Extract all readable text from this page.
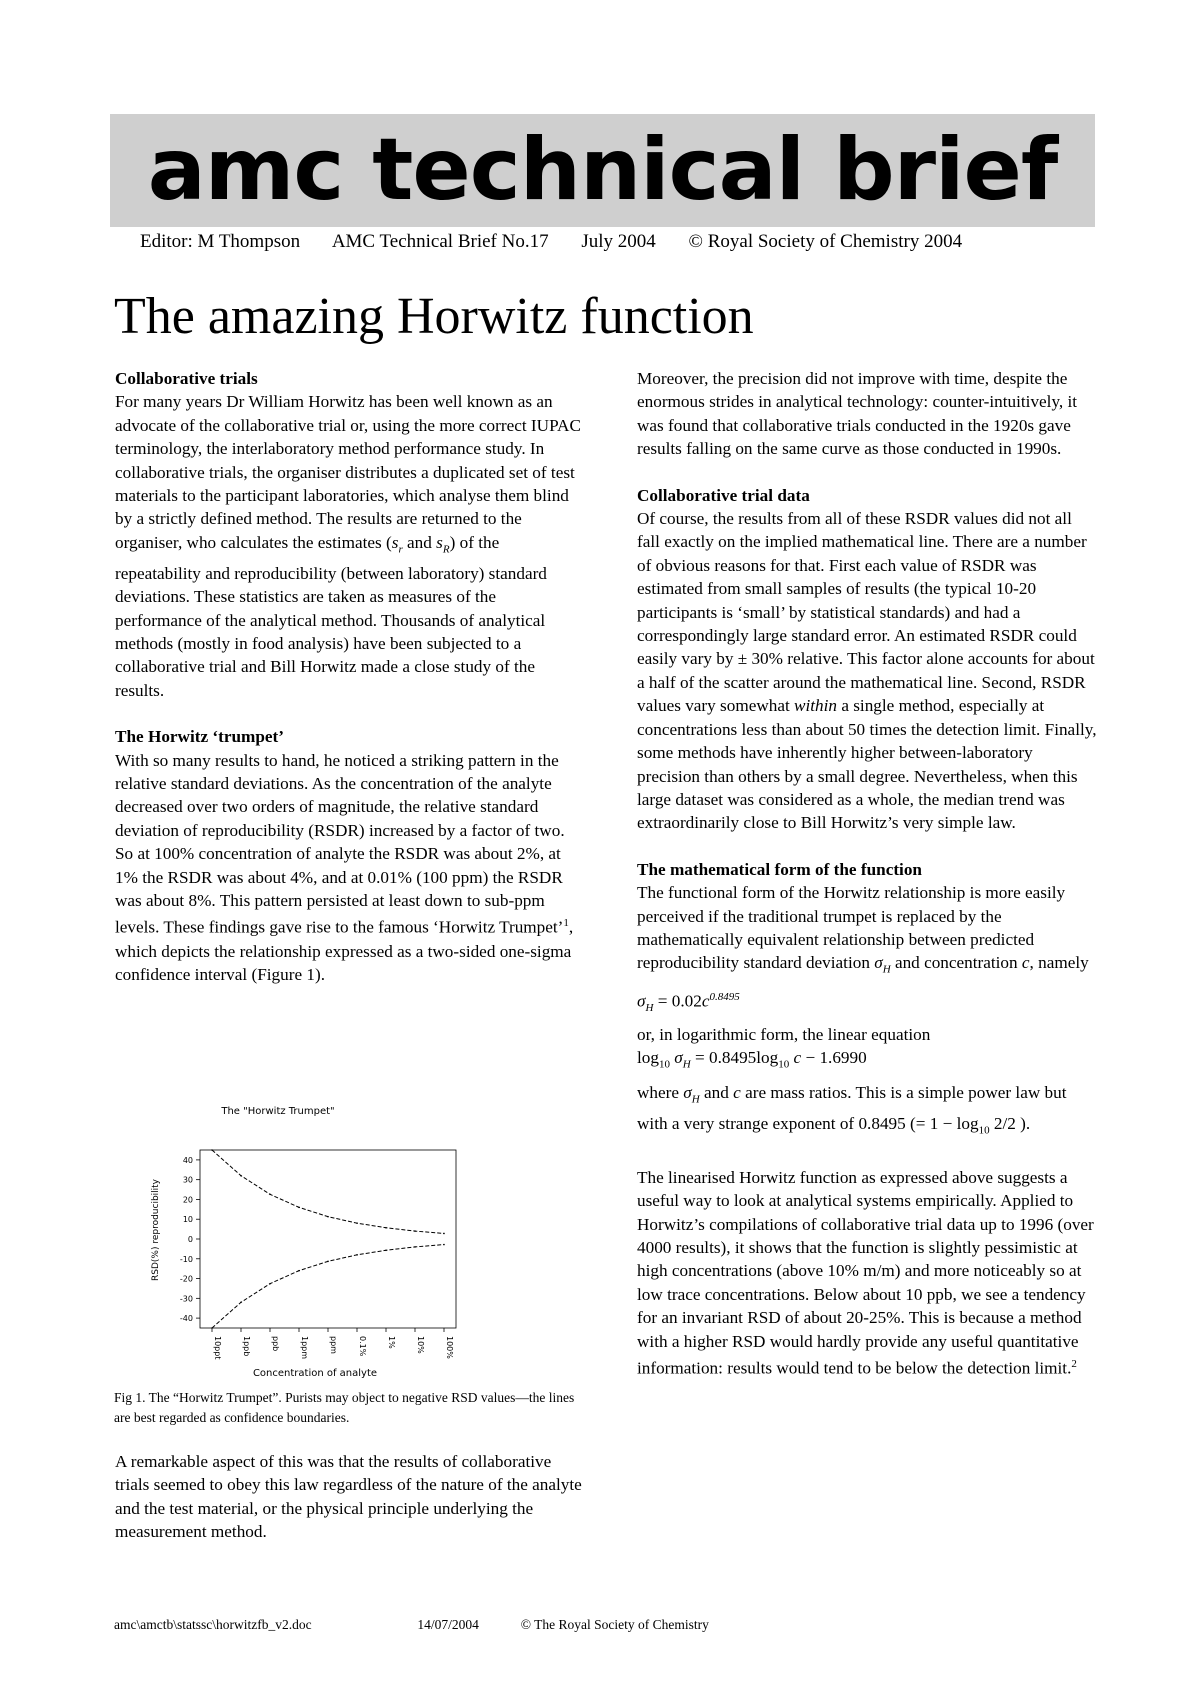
amc technical brief
Editor: M Thompson AMC Technical Brief No.17 July 2004 © Royal Society of Chemistry 2004
The amazing Horwitz function
Collaborative trials

For many years Dr William Horwitz has been well known as an advocate of the collaborative trial or, using the more correct IUPAC terminology, the interlaboratory method performance study. In collaborative trials, the organiser distributes a duplicated set of test materials to the participant laboratories, which analyse them blind by a strictly defined method. The results are returned to the organiser, who calculates the estimates ($s_r$ and $s_R$) of the repeatability and reproducibility (between laboratory) standard deviations. These statistics are taken as measures of the performance of the analytical method. Thousands of analytical methods (mostly in food analysis) have been subjected to a collaborative trial and Bill Horwitz made a close study of the results.

The Horwitz ‘trumpet’

With so many results to hand, he noticed a striking pattern in the relative standard deviations. As the concentration of the analyte decreased over two orders of magnitude, the relative standard deviation of reproducibility (RSDR) increased by a factor of two. So at 100% concentration of analyte the RSDR was about 2%, at 1% the RSDR was about 4%, and at 0.01% (100 ppm) the RSDR was about 8%. This pattern persisted at least down to sub-ppm levels. These findings gave rise to the famous ‘Horwitz Trumpet’$^1$, which depicts the relationship expressed as a two-sided one-sigma confidence interval (Figure 1).

The "Horwitz Trumpet"
RSD(%) reproducibility
Concentration of analyte
40
30
20
10
0
-10
-20
-30
-40
10ppt	1ppb	ppb	1ppm	ppm	0.1%	1%	10%	100%
Fig 1. The “Horwitz Trumpet”. Purists may object to negative RSD values—the lines are best regarded as confidence boundaries.
A remarkable aspect of this was that the results of collaborative trials seemed to obey this law regardless of the nature of the analyte and the test material, or the physical principle underlying the measurement method.

Moreover, the precision did not improve with time, despite the enormous strides in analytical technology: counter-intuitively, it was found that collaborative trials conducted in the 1920s gave results falling on the same curve as those conducted in 1990s.

Collaborative trial data

Of course, the results from all of these RSDR values did not all fall exactly on the implied mathematical line. There are a number of obvious reasons for that. First each value of RSDR was estimated from small samples of results (the typical 10-20 participants is ‘small’ by statistical standards) and had a correspondingly large standard error. An estimated RSDR could easily vary by ± 30% relative. This factor alone accounts for about a half of the scatter around the mathematical line. Second, RSDR values vary somewhat within a single method, especially at concentrations less than about 50 times the detection limit. Finally, some methods have inherently higher between-laboratory precision than others by a small degree. Nevertheless, when this large dataset was considered as a whole, the median trend was extraordinarily close to Bill Horwitz’s very simple law.

The mathematical form of the function

The functional form of the Horwitz relationship is more easily perceived if the traditional trumpet is replaced by the mathematically equivalent relationship between predicted reproducibility standard deviation $\sigma_H$ and concentration c, namely

$\sigma_H = 0.02c^{0.8495}$

or, in logarithmic form, the linear equation

$\log_{10} \sigma_H = 0.8495\log_{10}$ c − 1.6990

where $\sigma_H$ and c are mass ratios. This is a simple power law but with a very strange exponent of 0.8495 (= $1 - \log_{10} 2/2$ ).

The linearised Horwitz function as expressed above suggests a useful way to look at analytical systems empirically. Applied to Horwitz’s compilations of collaborative trial data up to 1996 (over 4000 results), it shows that the function is slightly pessimistic at high concentrations (above 10% m/m) and more noticeably so at low trace concentrations. Below about 10 ppb, we see a tendency for an invariant RSD of about 20-25%. This is because a method with a higher RSD would hardly provide any useful quantitative information: results would tend to be below the detection limit.$^2$

amc\amctb\statssc\horwitzfb_v2.doc	14/07/2004	© The Royal Society of Chemistry
